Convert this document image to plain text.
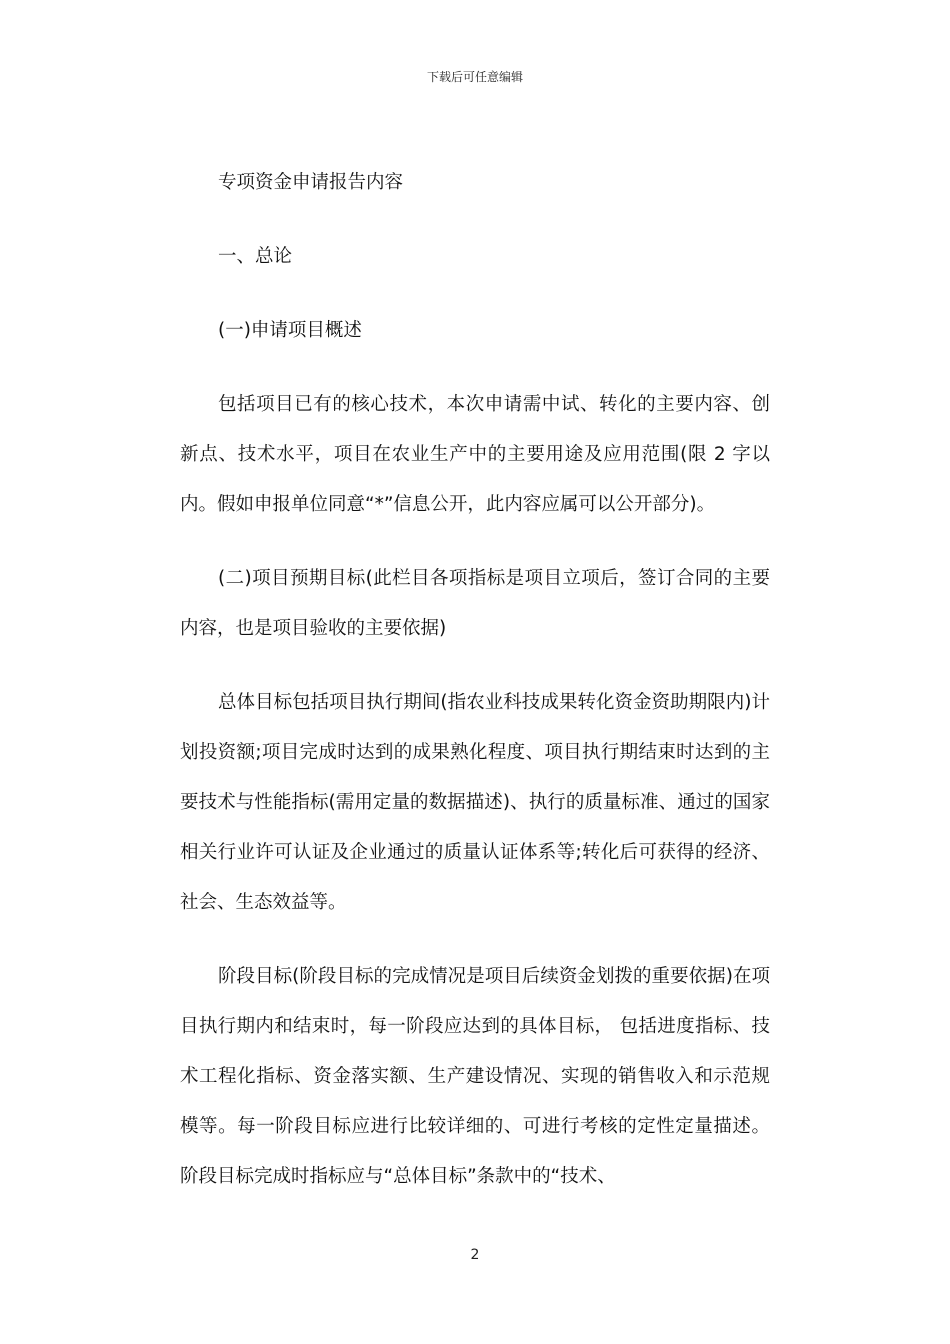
下载后可任意编辑

专项资金申请报告内容

一、总论

(一)申请项目概述

包括项目已有的核心技术，本次申请需中试、转化的主要内容、创新点、技术水平，项目在农业生产中的主要用途及应用范围(限 2 字以内。假如申报单位同意“*”信息公开，此内容应属可以公开部分)。

(二)项目预期目标(此栏目各项指标是项目立项后，签订合同的主要内容，也是项目验收的主要依据)

总体目标包括项目执行期间(指农业科技成果转化资金资助期限内)计划投资额;项目完成时达到的成果熟化程度、项目执行期结束时达到的主要技术与性能指标(需用定量的数据描述)、执行的质量标准、通过的国家相关行业许可认证及企业通过的质量认证体系等;转化后可获得的经济、社会、生态效益等。

阶段目标(阶段目标的完成情况是项目后续资金划拨的重要依据)在项目执行期内和结束时，每一阶段应达到的具体目标， 包括进度指标、技术工程化指标、资金落实额、生产建设情况、实现的销售收入和示范规模等。每一阶段目标应进行比较详细的、可进行考核的定性定量描述。阶段目标完成时指标应与“总体目标”条款中的“技术、

2
